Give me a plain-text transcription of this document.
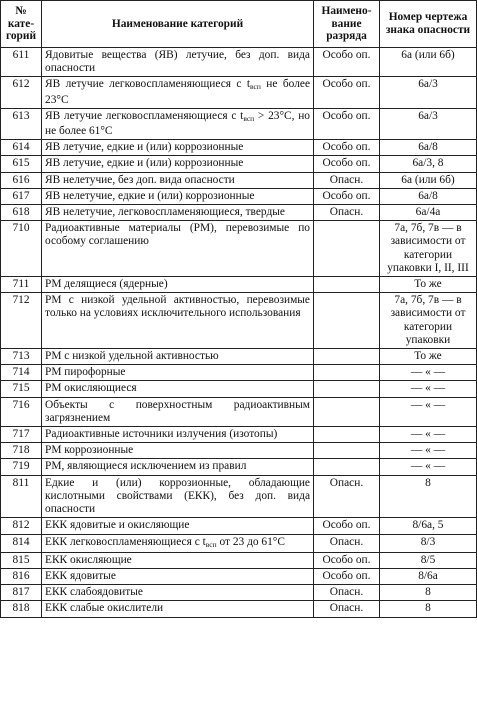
№ кате-горий	Наименование категорий	Наимено-вание разряда	Номер чертежа знака опасности
611	Ядовитые вещества (ЯВ) летучие, без доп. вида опасности	Особо оп.	6а (или 6б)
612	ЯВ летучие легковоспламеняющиеся с $t_{всп}$ не более 23°С	Особо оп.	6а/3
613	ЯВ летучие легковоспламеняющиеся с $t_{всп} > 23^\circ С$, но не более 61°С	Особо оп.	6а/3
614	ЯВ летучие, едкие и (или) коррозионные	Особо оп.	6а/8
615	ЯВ летучие, едкие и (или) коррозионные	Особо оп.	6а/3, 8
616	ЯВ нелетучие, без доп. вида опасности	Опасн.	6а (или 6б)
617	ЯВ нелетучие, едкие и (или) коррозионные	Особо оп.	6а/8
618	ЯВ нелетучие, легковоспламеняющиеся, твердые	Опасн.	6а/4а
710	Радиоактивные материалы (РМ), перевозимые по особому соглашению		7а, 7б, 7в — в зависимости от категории упаковки I, II, III
711	РМ делящиеся (ядерные)		То же
712	РМ с низкой удельной активностью, перевозимые только на условиях исключительного использования		7а, 7б, 7в — в зависимости от категории упаковки
713	РМ с низкой удельной активностью		То же
714	РМ пирофорные		— « —
715	РМ окисляющиеся		— « —
716	Объекты с поверхностным радиоактивным загрязнением		— « —
717	Радиоактивные источники излучения (изотопы)		— « —
718	РМ коррозионные		— « —
719	РМ, являющиеся исключением из правил		— « —
811	Едкие и (или) коррозионные, обладающие кислотными свойствами (ЕКК), без доп. вида опасности	Опасн.	8
812	ЕКК ядовитые и окисляющие	Особо оп.	8/6а, 5
814	ЕКК легковоспламеняющиеся с $t_{всп}$ от 23 до 61°С	Опасн.	8/3
815	ЕКК окисляющие	Особо оп.	8/5
816	ЕКК ядовитые	Особо оп.	8/6а
817	ЕКК слабоядовитые	Опасн.	8
818	ЕКК слабые окислители	Опасн.	8
